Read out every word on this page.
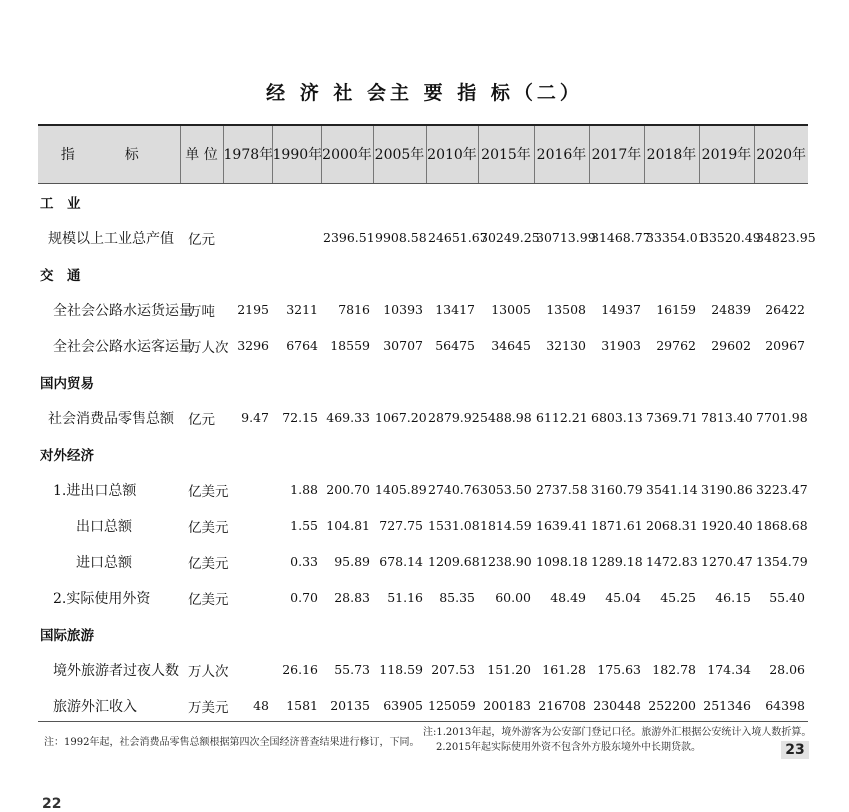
经 济 社 会主 要 指 标（二）
指　标	单 位	1978年	1990年	2000年	2005年	2010年	2015年	2016年	2017年	2018年	2019年	2020年
工　业												
规模以上工业总产值	亿元			2396.51	9908.58	24651.67	30249.25	30713.99	31468.77	33354.01	33520.49	34823.95
交　通												
全社会公路水运货运量	万吨	2195	3211	7816	10393	13417	13005	13508	14937	16159	24839	26422
全社会公路水运客运量	万人次	3296	6764	18559	30707	56475	34645	32130	31903	29762	29602	20967
国内贸易												
社会消费品零售总额	亿元	9.47	72.15	469.33	1067.20	2879.92	5488.98	6112.21	6803.13	7369.71	7813.40	7701.98
对外经济												
1.进出口总额	亿美元		1.88	200.70	1405.89	2740.76	3053.50	2737.58	3160.79	3541.14	3190.86	3223.47
出口总额	亿美元		1.55	104.81	727.75	1531.08	1814.59	1639.41	1871.61	2068.31	1920.40	1868.68
进口总额	亿美元		0.33	95.89	678.14	1209.68	1238.90	1098.18	1289.18	1472.83	1270.47	1354.79
2.实际使用外资	亿美元		0.70	28.83	51.16	85.35	60.00	48.49	45.04	45.25	46.15	55.40
国际旅游												
境外旅游者过夜人数	万人次		26.16	55.73	118.59	207.53	151.20	161.28	175.63	182.78	174.34	28.06
旅游外汇收入	万美元	48	1581	20135	63905	125059	200183	216708	230448	252200	251346	64398
注：1992年起，社会消费品零售总额根据第四次全国经济普查结果进行修订，下同。
注:1.2013年起，境外游客为公安部门登记口径。旅游外汇根据公安统计入境人数折算。
2.2015年起实际使用外资不包含外方股东境外中长期贷款。
22
23
